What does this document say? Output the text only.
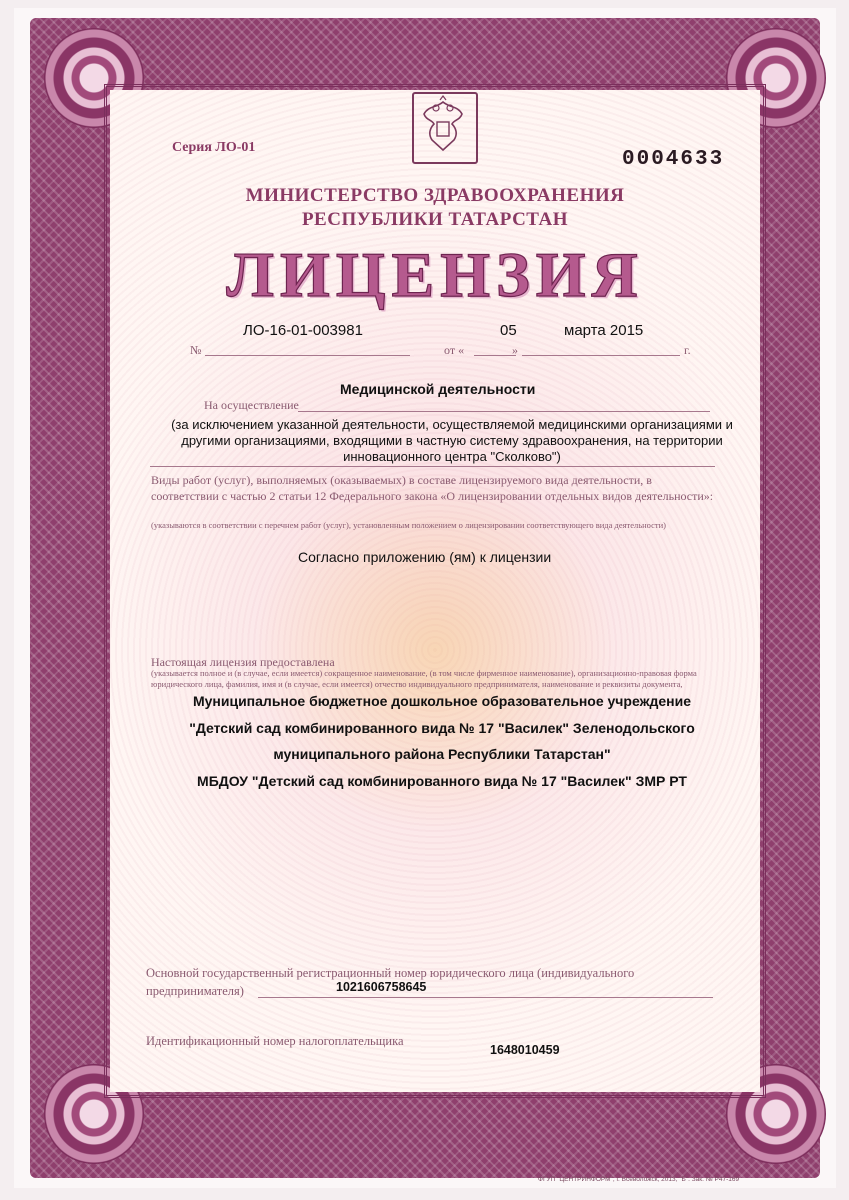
Серия ЛО-01
0004633
МИНИСТЕРСТВО ЗДРАВООХРАНЕНИЯ
РЕСПУБЛИКИ ТАТАРСТАН
ЛИЦЕНЗИЯ
№
ЛО-16-01-003981
от «
05
»
марта 2015
г.
Медицинской деятельности
На осуществление
(за исключением указанной деятельности, осуществляемой медицинскими организациями и другими организациями, входящими в частную систему здравоохранения, на территории инновационного центра "Сколково")
Виды работ (услуг), выполняемых (оказываемых) в составе лицензируемого вида деятельности, в соответствии с частью 2 статьи 12 Федерального закона «О лицензировании отдельных видов деятельности»:
(указываются в соответствии с перечнем работ (услуг), установленным положением о лицензировании соответствующего вида деятельности)
Согласно приложению (ям) к лицензии
Настоящая лицензия предоставлена
(указывается полное и (в случае, если имеется) сокращенное наименование, (в том числе фирменное наименование), организационно-правовая форма юридического лица, фамилия, имя и (в случае, если имеется) отчество индивидуального предпринимателя, наименование и реквизиты документа,
Муниципальное бюджетное дошкольное образовательное учреждение
"Детский сад комбинированного вида № 17 "Василек" Зеленодольского
муниципального района Республики Татарстан"
МБДОУ "Детский сад комбинированного вида № 17 "Василек" ЗМР РТ
Основной государственный регистрационный номер юридического лица (индивидуального
предпринимателя)	1021606758645
Идентификационный номер налогоплательщика
1648010459
ФГУП "ЦЕНТРИНФОРМ", г. Всеволожск, 2013, "Б". Зак. № Р47-169
